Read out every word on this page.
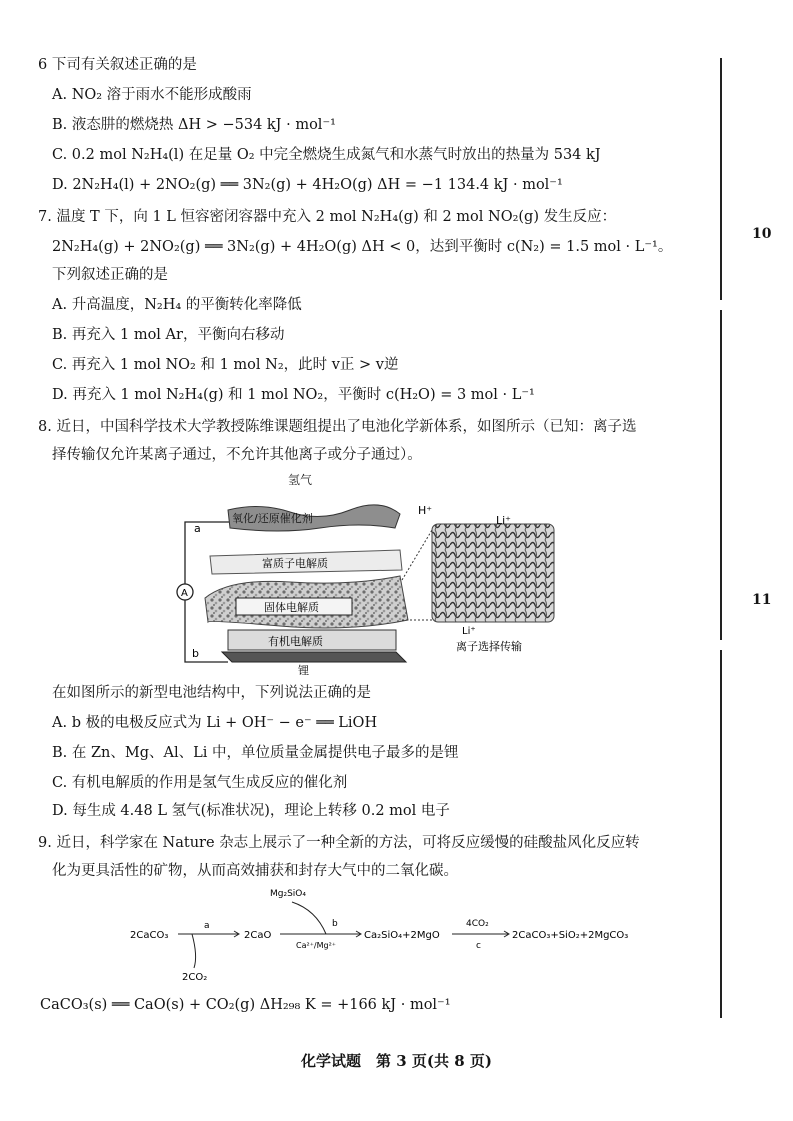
6 下司有关叙述正确的是
A. NO₂ 溶于雨水不能形成酸雨
B. 液态肼的燃烧热 ΔH > −534 kJ · mol⁻¹
C. 0.2 mol N₂H₄(l) 在足量 O₂ 中完全燃烧生成氮气和水蒸气时放出的热量为 534 kJ
D. 2N₂H₄(l) + 2NO₂(g) ══ 3N₂(g) + 4H₂O(g) ΔH = −1 134.4 kJ · mol⁻¹
7. 温度 T 下，向 1 L 恒容密闭容器中充入 2 mol N₂H₄(g) 和 2 mol NO₂(g) 发生反应：
2N₂H₄(g) + 2NO₂(g) ══ 3N₂(g) + 4H₂O(g) ΔH < 0，达到平衡时 c(N₂) = 1.5 mol · L⁻¹。
下列叙述正确的是
A. 升高温度，N₂H₄ 的平衡转化率降低
B. 再充入 1 mol Ar，平衡向右移动
C. 再充入 1 mol NO₂ 和 1 mol N₂，此时 v正 > v逆
D. 再充入 1 mol N₂H₄(g) 和 1 mol NO₂，平衡时 c(H₂O) = 3 mol · L⁻¹
8. 近日，中国科学技术大学教授陈维课题组提出了电池化学新体系，如图所示（已知：离子选
择传输仅允许某离子通过，不允许其他离子或分子通过）。
氢气
A
a
b
氧化/还原催化剂
富质子电解质
固体电解质
有机电解质
锂
H⁺
Li⁺
Li⁺
离子选择传输
在如图所示的新型电池结构中，下列说法正确的是
A. b 极的电极反应式为 Li + OH⁻ − e⁻ ══ LiOH
B. 在 Zn、Mg、Al、Li 中，单位质量金属提供电子最多的是锂
C. 有机电解质的作用是氢气生成反应的催化剂
D. 每生成 4.48 L 氢气(标准状况)，理论上转移 0.2 mol 电子
9. 近日，科学家在 Nature 杂志上展示了一种全新的方法，可将反应缓慢的硅酸盐风化反应转
化为更具活性的矿物，从而高效捕获和封存大气中的二氧化碳。
2CaCO₃
a
2CO₂
2CaO
Mg₂SiO₄
b
Ca²⁺/Mg²⁺
Ca₂SiO₄+2MgO
4CO₂
c
2CaCO₃+SiO₂+2MgCO₃
CaCO₃(s) ══ CaO(s) + CO₂(g) ΔH₂₉₈ K = +166 kJ · mol⁻¹
10
11
化学试题　第 3 页(共 8 页)
